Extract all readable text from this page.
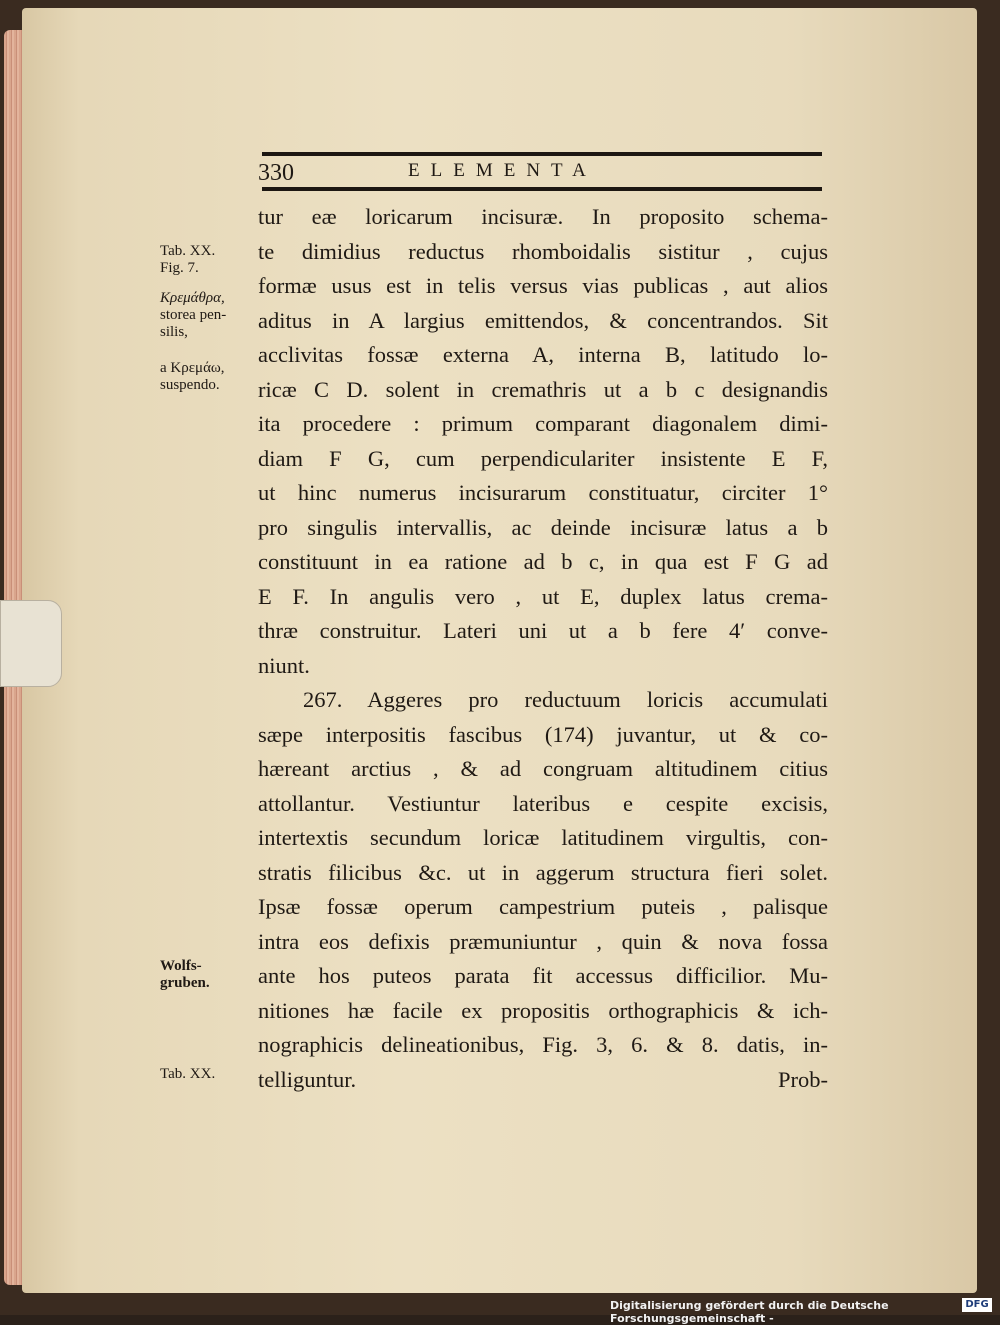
330	ELEMENTA
Tab. XX.
Fig. 7.
Κρεμάθρα,
storea pen-
silis,
a Κρεμάω,
suspendo.
Wolfs-
gruben.
Tab. XX.
tur eæ loricarum incisuræ. In proposito schema-
te dimidius reductus rhomboidalis sistitur , cujus
formæ usus est in telis versus vias publicas , aut alios
aditus in A largius emittendos, & concentrandos. Sit
acclivitas fossæ externa A, interna B, latitudo lo-
ricæ C D. solent in cremathris ut a b c designandis
ita procedere : primum comparant diagonalem dimi-
diam F G, cum perpendiculariter insistente E F,
ut hinc numerus incisurarum constituatur, circiter 1°
pro singulis intervallis, ac deinde incisuræ latus a b
constituunt in ea ratione ad b c, in qua est F G ad
E F. In angulis vero , ut E, duplex latus crema-
thræ construitur. Lateri uni ut a b fere 4′ conve-
niunt.
267. Aggeres pro reductuum loricis accumulati
sæpe interpositis fascibus (174) juvantur, ut & co-
hæreant arctius , & ad congruam altitudinem citius
attollantur. Vestiuntur lateribus e cespite excisis,
intertextis secundum loricæ latitudinem virgultis, con-
stratis filicibus &c. ut in aggerum structura fieri solet.
Ipsæ fossæ operum campestrium puteis , palisque
intra eos defixis præmuniuntur , quin & nova fossa
ante hos puteos parata fit accessus difficilior. Mu-
nitiones hæ facile ex propositis orthographicis & ich-
nographicis delineationibus, Fig. 3, 6. & 8. datis, in-
telliguntur.	Prob-
Digitalisierung gefördert durch die Deutsche Forschungsgemeinschaft -
DFG
